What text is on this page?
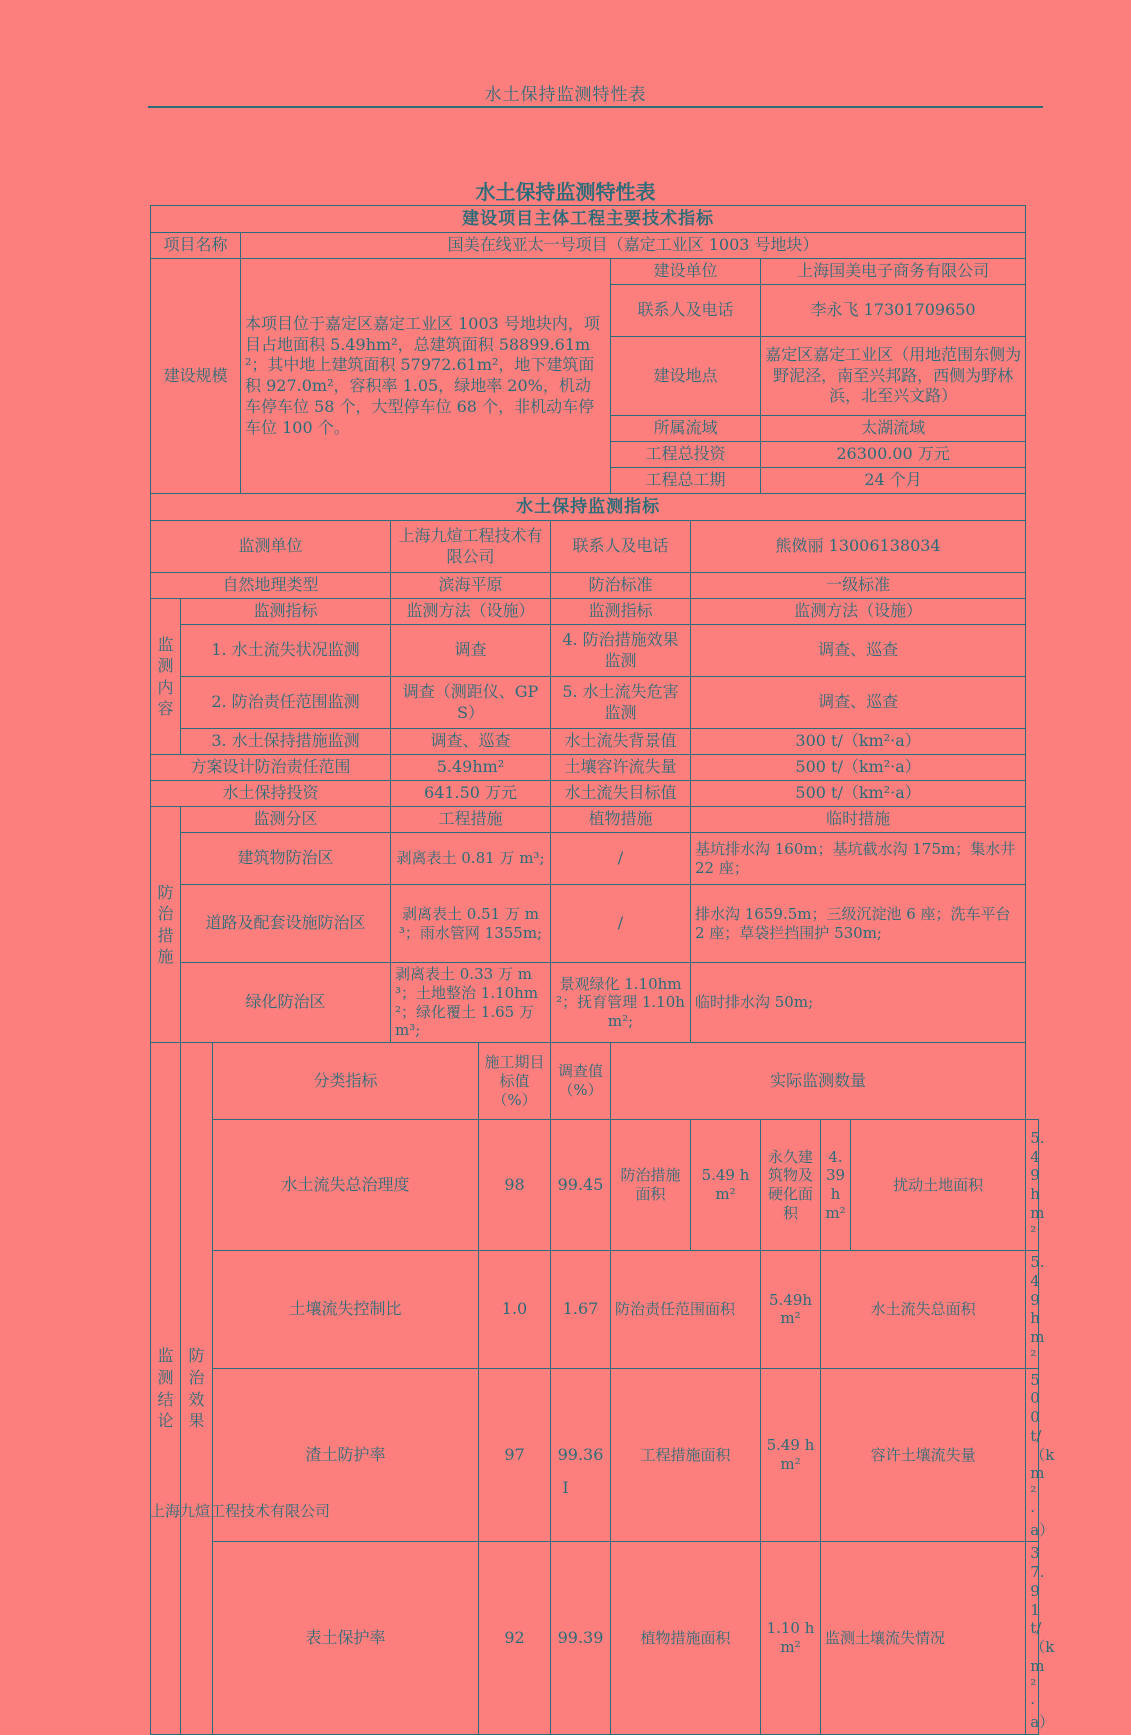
水土保持监测特性表
水土保持监测特性表
建设项目主体工程主要技术指标												
项目名称			国美在线亚太一号项目（嘉定工业区 1003 号地块）									
建设规模			本项目位于嘉定区嘉定工业区 1003 号地块内，项目占地面积 5.49hm²，总建筑面积 58899.61m²；其中地上建筑面积 57972.61m²，地下建筑面积 927.0m²，容积率 1.05，绿地率 20%，机动车停车位 58 个，大型停车位 68 个，非机动车停车位 100 个。				建设单位		上海国美电子商务有限公司			
							联系人及电话		李永飞 17301709650			
							建设地点		嘉定区嘉定工业区（用地范围东侧为野泥泾，南至兴邦路，西侧为野林浜，北至兴文路）			
							所属流域		太湖流域			
							工程总投资		26300.00 万元			
							工程总工期		24 个月			
水土保持监测指标												
监测单位				上海九煊工程技术有限公司		联系人及电话		熊傚丽 13006138034				
自然地理类型				滨海平原		防治标准		一级标准				
监测内容	监测指标			监测方法（设施）		监测指标		监测方法（设施）				
	1. 水土流失状况监测			调查		4. 防治措施效果监测		调查、巡查				
	2. 防治责任范围监测			调查（测距仪、GPS）		5. 水土流失危害监测		调查、巡查				
	3. 水土保持措施监测			调查、巡查		水土流失背景值		300 t/（km²·a）				
方案设计防治责任范围				5.49hm²		土壤容许流失量		500 t/（km²·a）				
水土保持投资				641.50 万元		水土流失目标值		500 t/（km²·a）				
防治措施	监测分区			工程措施		植物措施		临时措施				
	建筑物防治区			剥离表土 0.81 万 m³;		/		基坑排水沟 160m；基坑截水沟 175m；集水井 22 座；				
	道路及配套设施防治区			剥离表土 0.51 万 m³；雨水管网 1355m;		/		排水沟 1659.5m；三级沉淀池 6 座；洗车平台 2 座；草袋拦挡围护 530m;				
	绿化防治区			剥离表土 0.33 万 m³；土地整治 1.10hm²；绿化覆土 1.65 万 m³;		景观绿化 1.10hm²；抚育管理 1.10hm²;		临时排水沟 50m;				
监测结论	防治效果	分类指标			施工期目标值（%）	调查值（%）	实际监测数量					
		水土流失总治理度			98	99.45	防治措施面积	5.49 hm²	永久建筑物及硬化面积	4.39hm²	扰动土地面积	5.49hm²
		土壤流失控制比			1.0	1.67	防治责任范围面积		5.49hm²	水土流失总面积		5.49hm²
		渣土防护率			97	99.36	工程措施面积		5.49 hm²	容许土壤流失量		500 t/（km²·a）
		表土保护率			92	99.39	植物措施面积		1.10 hm²	监测土壤流失情况		37.91t/（km²·a）
I
上海九煊工程技术有限公司
